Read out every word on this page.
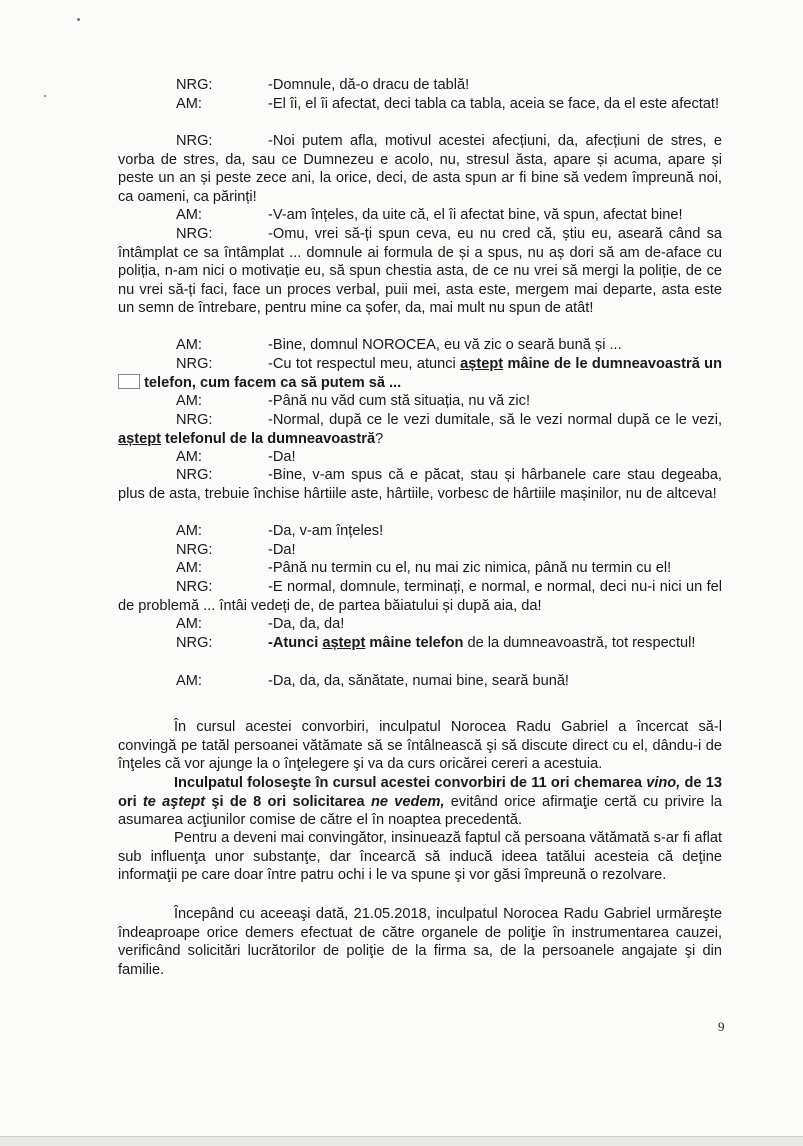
NRG:	-Domnule, dă-o dracu de tablă!
AM:	-El îi, el îi afectat, deci tabla ca tabla, aceia se face, da el este afectat!
NRG:	-Noi putem afla, motivul acestei afecțiuni, da, afecțiuni de stres, e vorba de stres, da, sau ce Dumnezeu e acolo, nu, stresul ăsta, apare și acuma, apare și peste un an și peste zece ani, la orice, deci, de asta spun ar fi bine să vedem împreună noi, ca oameni, ca părinți!
AM:	-V-am înțeles, da uite că, el îi afectat bine, vă spun, afectat bine!
NRG:	-Omu, vrei să-ți spun ceva, eu nu cred că, știu eu, aseară când sa întâmplat ce sa întâmplat ... domnule ai formula de și a spus, nu aș dori să am de-aface cu poliția, n-am nici o motivație eu, să spun chestia asta, de ce nu vrei să mergi la poliție, de ce nu vrei să-ți faci, face un proces verbal, puii mei, asta este, mergem mai departe, asta este un semn de întrebare, pentru mine ca șofer, da, mai mult nu spun de atât!
AM:	-Bine, domnul NOROCEA, eu vă zic o seară bună și ...
NRG:	-Cu tot respectul meu, atunci aștept mâine de le dumneavoastră un  telefon, cum facem ca să putem să ...
AM:	-Până nu văd cum stă situația, nu vă zic!
NRG:	-Normal, după ce le vezi dumitale, să le vezi normal după ce le vezi, aștept telefonul de la dumneavoastră?
AM:	-Da!
NRG:	-Bine, v-am spus că e păcat, stau și hârbanele care stau degeaba, plus de asta, trebuie închise hârtiile aste, hârtiile, vorbesc de hârtiile mașinilor, nu de altceva!
AM:	-Da, v-am înțeles!
NRG:	-Da!
AM:	-Până nu termin cu el, nu mai zic nimica, până nu termin cu el!
NRG:	-E normal, domnule, terminați, e normal, e normal, deci nu-i nici un fel de problemă ... întâi vedeți de, de partea băiatului și după aia, da!
AM:	-Da, da, da!
NRG:	-Atunci aștept mâine telefon de la dumneavoastră, tot respectul!
AM:	-Da, da, da, sănătate, numai bine, seară bună!
În cursul acestei convorbiri, inculpatul Norocea Radu Gabriel a încercat să-l convingă pe tatăl persoanei vătămate să se întâlnească şi să discute direct cu el, dându-i de înţeles că vor ajunge la o înţelegere şi va da curs oricărei cereri a acestuia.
Inculpatul foloseşte în cursul acestei convorbiri de 11 ori chemarea vino, de 13 ori te aştept şi de 8 ori solicitarea ne vedem, evitând orice afirmaţie certă cu privire la asumarea acţiunilor comise de către el în noaptea precedentă.
Pentru a deveni mai convingător, insinuează faptul că persoana vătămată s-ar fi aflat sub influenţa unor substanţe, dar încearcă să inducă ideea tatălui acesteia că deţine informaţii pe care doar între patru ochi i le va spune şi vor găsi împreună o rezolvare.
Începând cu aceeaşi dată, 21.05.2018, inculpatul Norocea Radu Gabriel urmăreşte îndeaproape orice demers efectuat de către organele de poliţie în instrumentarea cauzei, verificând solicitări lucrătorilor de poliţie de la firma sa, de la persoanele angajate şi din familie.
9
